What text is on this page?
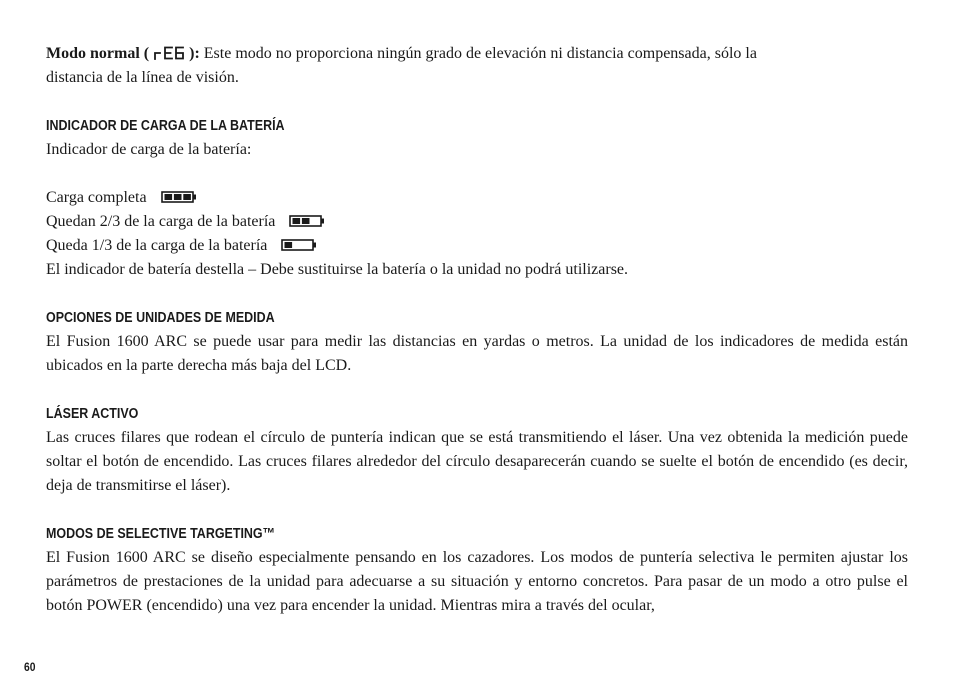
Modo normal (  ): Este modo no proporciona ningún grado de elevación ni distancia compensada, sólo la
distancia de la línea de visión.

INDICADOR DE CARGA DE LA BATERÍA

Indicador de carga de la batería:

Carga completa

Quedan 2/3 de la carga de la batería

Queda 1/3 de la carga de la batería

El indicador de batería destella – Debe sustituirse la batería o la unidad no podrá utilizarse.

OPCIONES DE UNIDADES DE MEDIDA

El Fusion 1600 ARC se puede usar para medir las distancias en yardas o metros. La unidad de los indicadores de medida están ubicados en la parte derecha más baja del LCD.

LÁSER ACTIVO

Las cruces filares que rodean el círculo de puntería indican que se está transmitiendo el láser. Una vez obtenida la medición puede soltar el botón de encendido. Las cruces filares alrededor del círculo desaparecerán cuando se suelte el botón de encendido (es decir, deja de transmitirse el láser).

MODOS DE SELECTIVE TARGETING™

El Fusion 1600 ARC se diseño especialmente pensando en los cazadores. Los modos de puntería selectiva le permiten ajustar los parámetros de prestaciones de la unidad para adecuarse a su situación y entorno concretos. Para pasar de un modo a otro pulse el botón POWER (encendido) una vez para encender la unidad. Mientras mira a través del ocular,

60
